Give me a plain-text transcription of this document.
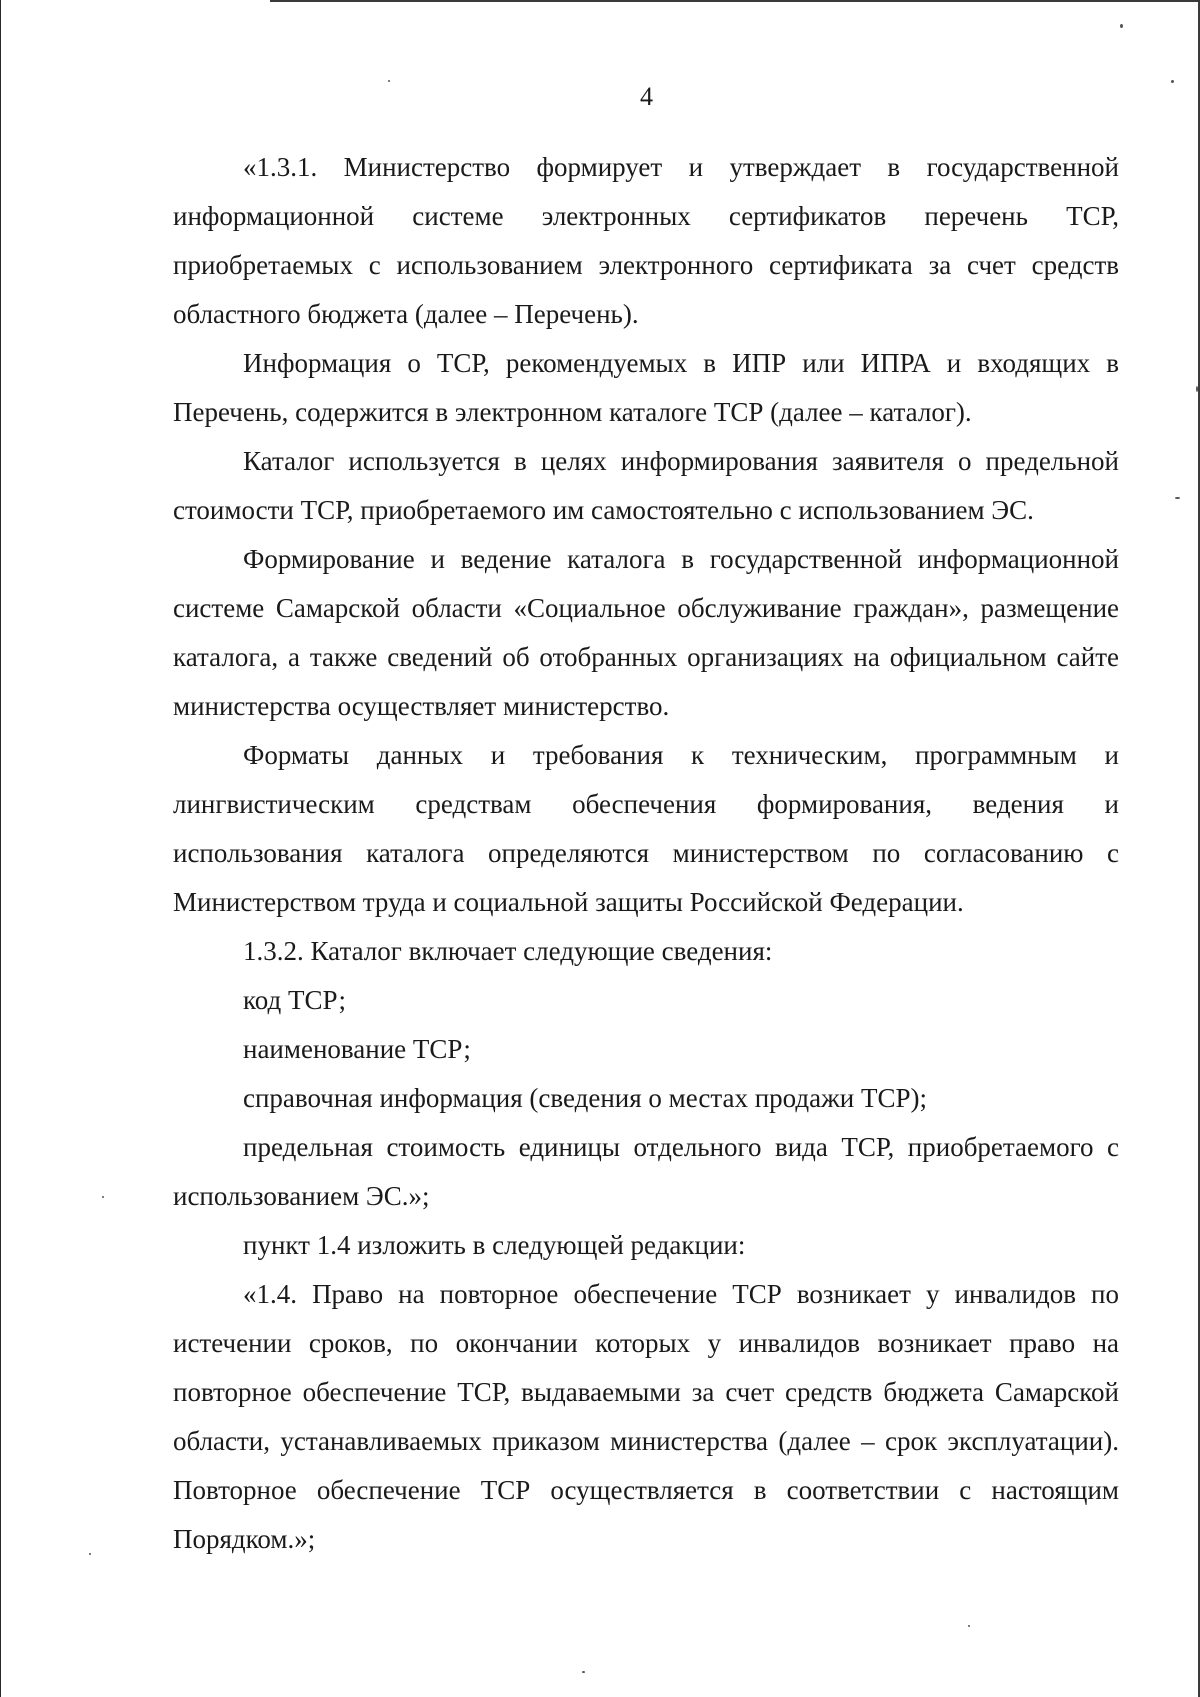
4

«1.3.1. Министерство формирует и утверждает в государственной информационной системе электронных сертификатов перечень ТСР, приобретаемых с использованием электронного сертификата за счет средств областного бюджета (далее – Перечень).

Информация о ТСР, рекомендуемых в ИПР или ИПРА и входящих в Перечень, содержится в электронном каталоге ТСР (далее – каталог).

Каталог используется в целях информирования заявителя о предельной стоимости ТСР, приобретаемого им самостоятельно с использованием ЭС.

Формирование и ведение каталога в государственной информационной системе Самарской области «Социальное обслуживание граждан», размещение каталога, а также сведений об отобранных организациях на официальном сайте министерства осуществляет министерство.

Форматы данных и требования к техническим, программным и лингвистическим средствам обеспечения формирования, ведения и использования каталога определяются министерством по согласованию с Министерством труда и социальной защиты Российской Федерации.

1.3.2. Каталог включает следующие сведения:

код ТСР;

наименование ТСР;

справочная информация (сведения о местах продажи ТСР);

предельная стоимость единицы отдельного вида ТСР, приобретаемого с использованием ЭС.»;

пункт 1.4 изложить в следующей редакции:

«1.4. Право на повторное обеспечение ТСР возникает у инвалидов по истечении сроков, по окончании которых у инвалидов возникает право на повторное обеспечение ТСР, выдаваемыми за счет средств бюджета Самарской области, устанавливаемых приказом министерства (далее – срок эксплуатации). Повторное обеспечение ТСР осуществляется в соответствии с настоящим Порядком.»;
